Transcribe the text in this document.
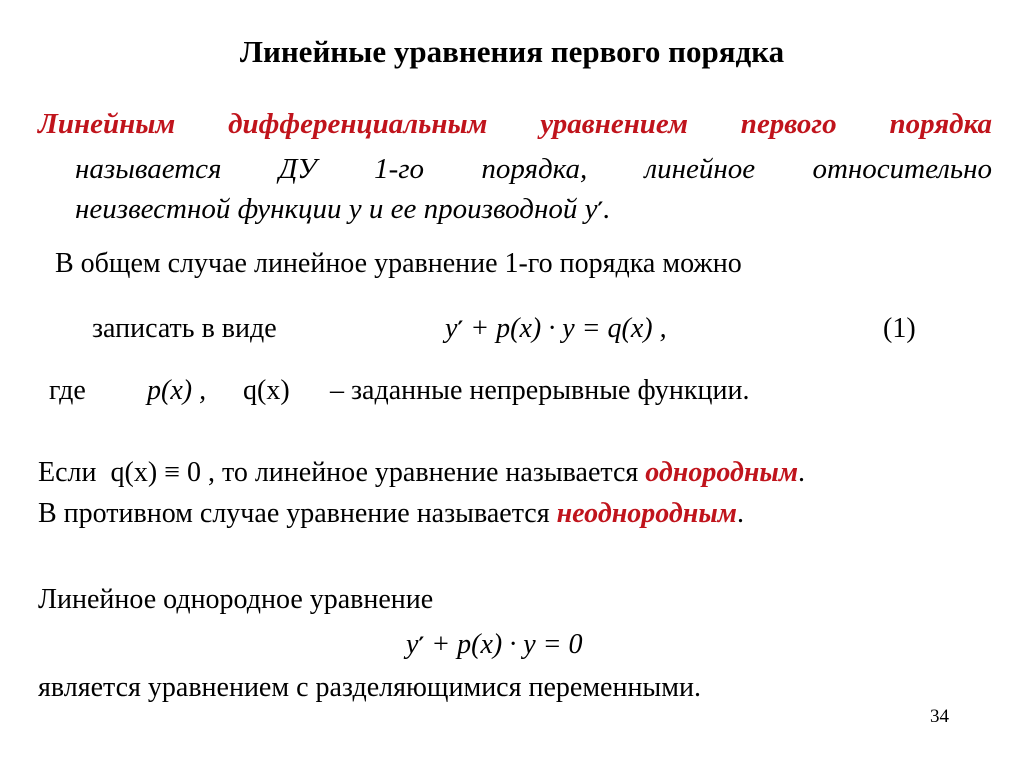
Линейные уравнения первого порядка
Линейным дифференциальным уравнением первого порядка
называется ДУ 1-го порядка, линейное относительно
неизвестной функции y и ее производной y′.
В общем случае линейное уравнение 1-го порядка можно
записать в виде	y′ + p(x) · y = q(x) ,	(1)
где p(x) , q(x) – заданные непрерывные функции.
Если q(x) ≡ 0 , то линейное уравнение называется однородным.
В противном случае уравнение называется неоднородным.
Линейное однородное уравнение
y′ + p(x) · y = 0
является уравнением с разделяющимися переменными.
34
